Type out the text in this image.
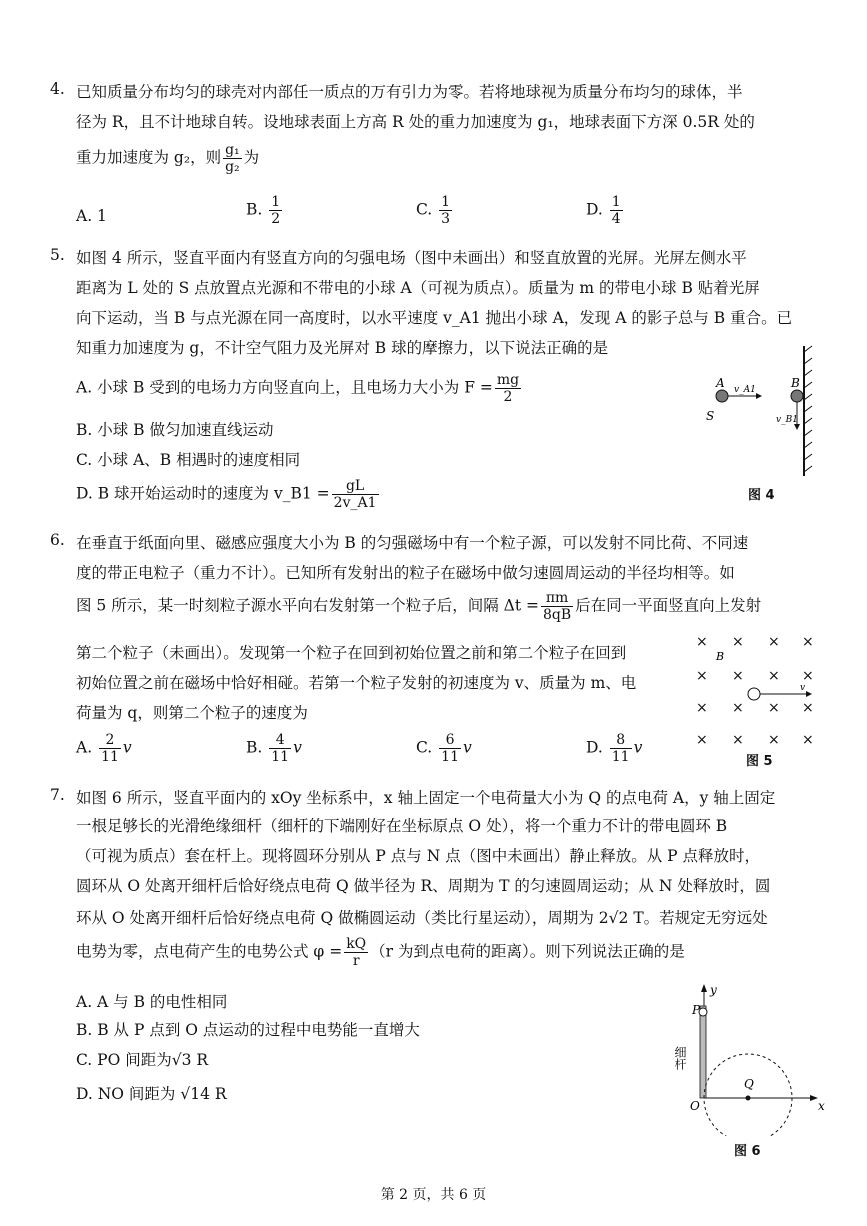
4. 已知质量分布均匀的球壳对内部任一质点的万有引力为零。若将地球视为质量分布均匀的球体，半
径为 R，且不计地球自转。设地球表面上方高 R 处的重力加速度为 g₁，地球表面下方深 0.5R 处的
重力加速度为 g₂，则 $\frac{\text{g₁}}{\text{g₂}}$ 为
A. 1	B. $\frac{1}{2}$	C. $\frac{1}{3}$	D. $\frac{1}{4}$
5. 如图 4 所示，竖直平面内有竖直方向的匀强电场（图中未画出）和竖直放置的光屏。光屏左侧水平
距离为 L 处的 S 点放置点光源和不带电的小球 A（可视为质点）。质量为 m 的带电小球 B 贴着光屏
向下运动，当 B 与点光源在同一高度时，以水平速度 v_A1 抛出小球 A，发现 A 的影子总与 B 重合。已
知重力加速度为 g，不计空气阻力及光屏对 B 球的摩擦力，以下说法正确的是
A. 小球 B 受到的电场力方向竖直向上，且电场力大小为 $F = \frac{mg}{2}$
B. 小球 B 做匀加速直线运动
C. 小球 A、B 相遇时的速度相同
D. B 球开始运动时的速度为 v_B1 = $\frac{gL}{2v\_A1}$
A	B
S
v_A1
v_B1
图 4
6. 在垂直于纸面向里、磁感应强度大小为 B 的匀强磁场中有一个粒子源，可以发射不同比荷、不同速
度的带正电粒子（重力不计）。已知所有发射出的粒子在磁场中做匀速圆周运动的半径均相等。如
图 5 所示，某一时刻粒子源水平向右发射第一个粒子后，间隔 $\Delta t = \frac{\pi m}{8qB}$ 后在同一平面竖直向上发射
第二个粒子（未画出）。发现第一个粒子在回到初始位置之前和第二个粒子在回到
初始位置之前在磁场中恰好相碰。若第一个粒子发射的初速度为 v、质量为 m、电
荷量为 q，则第二个粒子的速度为
A. $\frac{2}{11}$ v	B. $\frac{4}{11}$ v	C. $\frac{6}{11}$ v	D. $\frac{8}{11}$ v
× × × ×
× × × ×
× × × ×
× × × ×
B
v
图 5
7. 如图 6 所示，竖直平面内的 xOy 坐标系中，x 轴上固定一个电荷量大小为 Q 的点电荷 A，y 轴上固定
一根足够长的光滑绝缘细杆（细杆的下端刚好在坐标原点 O 处），将一个重力不计的带电圆环 B
（可视为质点）套在杆上。现将圆环分别从 P 点与 N 点（图中未画出）静止释放。从 P 点释放时，
圆环从 O 处离开细杆后恰好绕点电荷 Q 做半径为 R、周期为 T 的匀速圆周运动；从 N 处释放时，圆
环从 O 处离开细杆后恰好绕点电荷 Q 做椭圆运动（类比行星运动），周期为 2√2 T。若规定无穷远处
电势为零，点电荷产生的电势公式 $\varphi = \frac{kQ}{r} (r$ 为到点电荷的距离）。则下列说法正确的是
A. A 与 B 的电性相同
B. B 从 P 点到 O 点运动的过程中电势能一直增大
C. PO 间距为√3 R
D. NO 间距为 √14 R
P
y
x
O
Q
细杆
图 6
第 2 页，共 6 页
